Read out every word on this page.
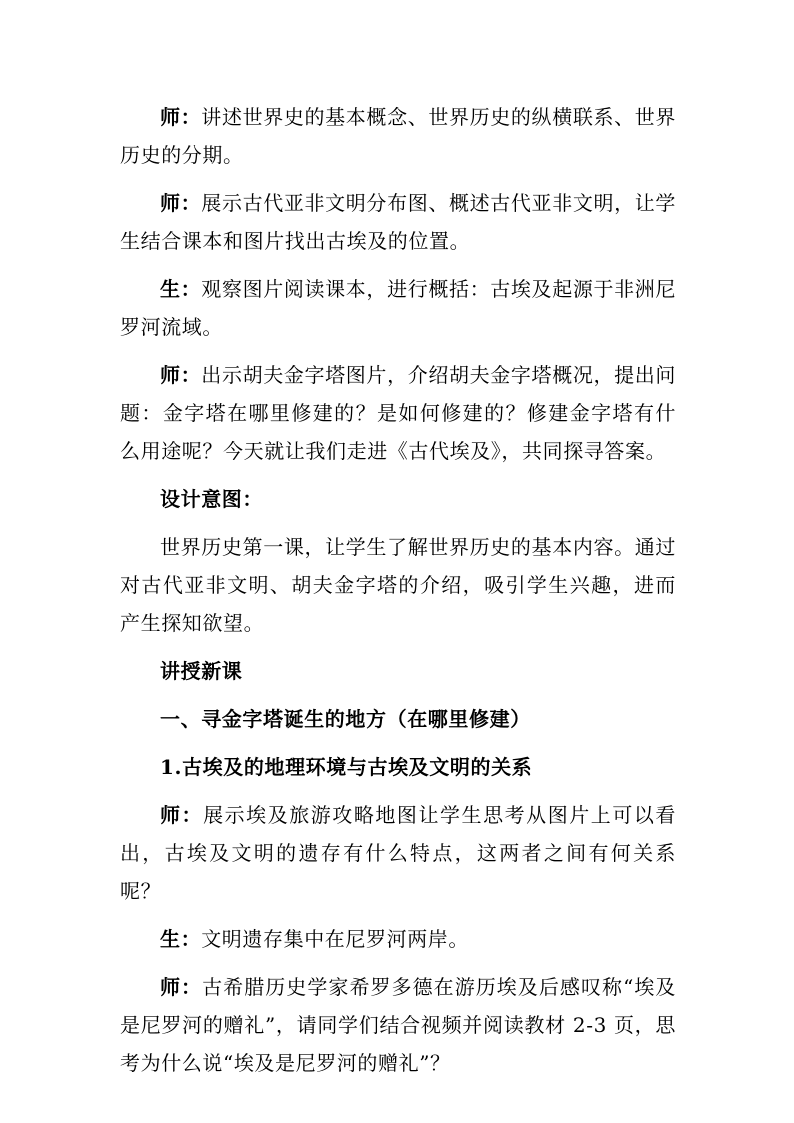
师：讲述世界史的基本概念、世界历史的纵横联系、世界历史的分期。

师：展示古代亚非文明分布图、概述古代亚非文明，让学生结合课本和图片找出古埃及的位置。

生：观察图片阅读课本，进行概括：古埃及起源于非洲尼罗河流域。

师：出示胡夫金字塔图片，介绍胡夫金字塔概况，提出问题：金字塔在哪里修建的？是如何修建的？修建金字塔有什么用途呢？今天就让我们走进《古代埃及》，共同探寻答案。

设计意图：

世界历史第一课，让学生了解世界历史的基本内容。通过对古代亚非文明、胡夫金字塔的介绍，吸引学生兴趣，进而产生探知欲望。

讲授新课

一、寻金字塔诞生的地方（在哪里修建）

1.古埃及的地理环境与古埃及文明的关系

师：展示埃及旅游攻略地图让学生思考从图片上可以看出，古埃及文明的遗存有什么特点，这两者之间有何关系呢？

生：文明遗存集中在尼罗河两岸。

师：古希腊历史学家希罗多德在游历埃及后感叹称“埃及是尼罗河的赠礼”，请同学们结合视频并阅读教材 2-3 页，思考为什么说“埃及是尼罗河的赠礼”？
